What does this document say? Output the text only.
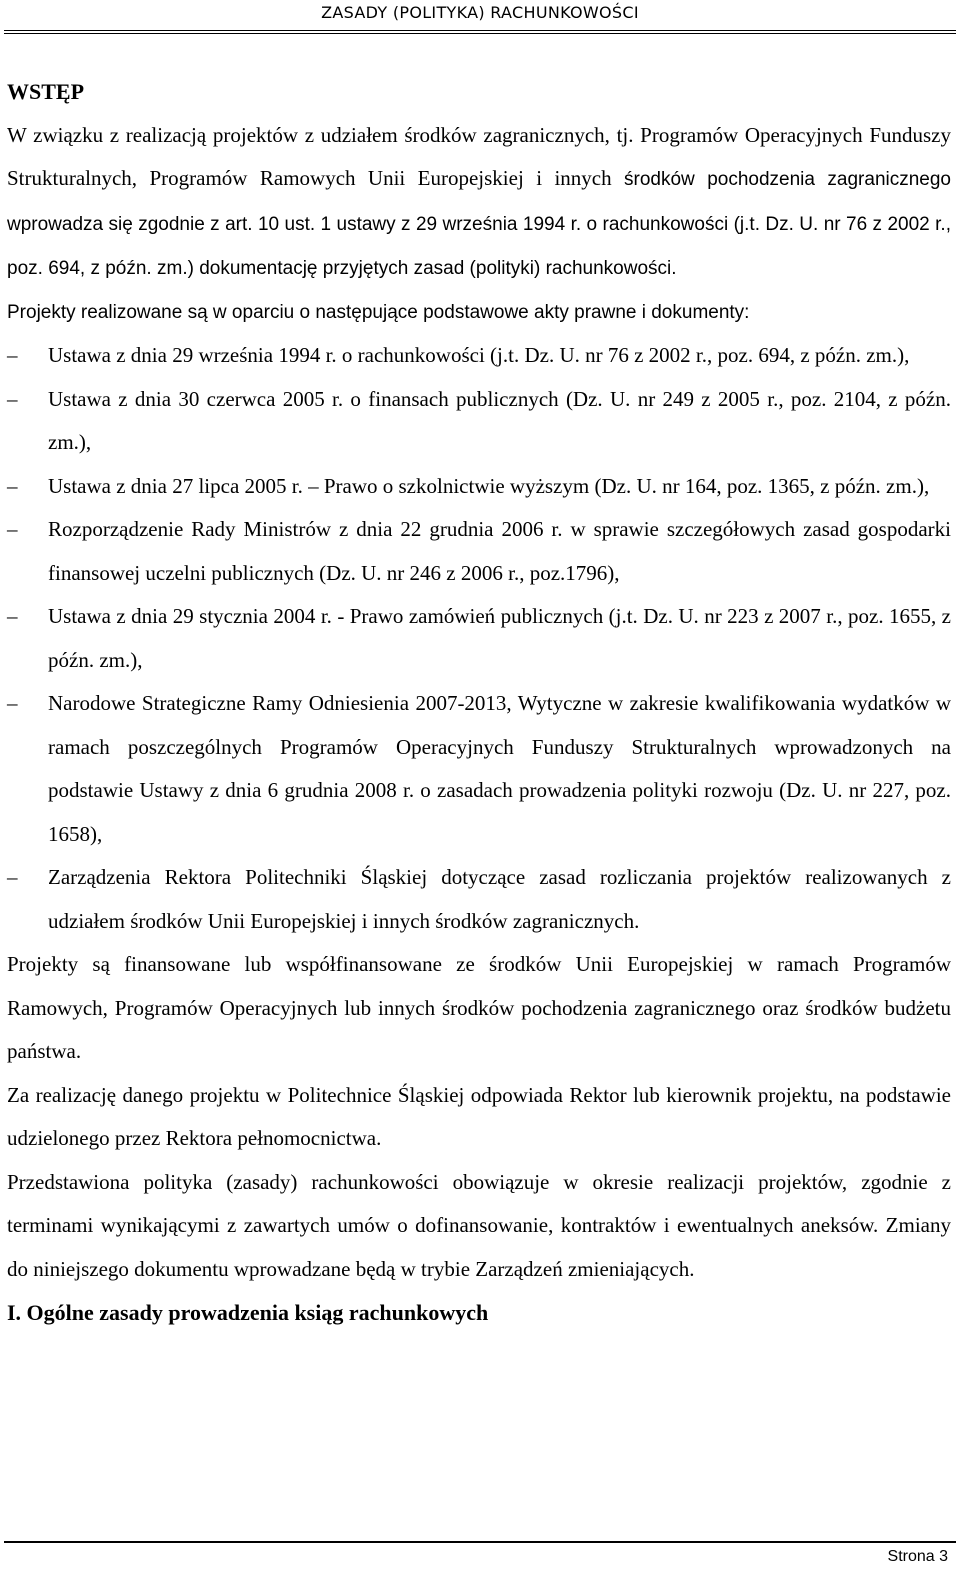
ZASADY (POLITYKA) RACHUNKOWOŚCI

WSTĘP

W związku z realizacją projektów z udziałem środków zagranicznych, tj. Programów Operacyjnych Funduszy Strukturalnych, Programów Ramowych Unii Europejskiej i innych środków pochodzenia zagranicznego wprowadza się zgodnie z art. 10 ust. 1 ustawy z 29 września 1994 r. o rachunkowości (j.t. Dz. U. nr 76 z 2002 r., poz. 694, z późn. zm.) dokumentację przyjętych zasad (polityki) rachunkowości.

Projekty realizowane są w oparciu o następujące podstawowe akty prawne i dokumenty:

–	Ustawa z dnia 29 września 1994 r. o rachunkowości (j.t. Dz. U. nr 76 z 2002 r., poz. 694, z późn. zm.),
–	Ustawa z dnia 30 czerwca 2005 r. o finansach publicznych (Dz. U. nr 249 z 2005 r., poz. 2104, z późn. zm.),
–	Ustawa z dnia 27 lipca 2005 r. – Prawo o szkolnictwie wyższym (Dz. U. nr 164, poz. 1365, z późn. zm.),
–	Rozporządzenie Rady Ministrów z dnia 22 grudnia 2006 r. w sprawie szczegółowych zasad gospodarki finansowej uczelni publicznych (Dz. U. nr 246 z 2006 r., poz.1796),
–	Ustawa z dnia 29 stycznia 2004 r. - Prawo zamówień publicznych (j.t. Dz. U. nr 223 z 2007 r., poz. 1655, z późn. zm.),
–	Narodowe Strategiczne Ramy Odniesienia 2007-2013, Wytyczne w zakresie kwalifikowania wydatków w ramach poszczególnych Programów Operacyjnych Funduszy Strukturalnych wprowadzonych na podstawie Ustawy z dnia 6 grudnia 2008 r. o zasadach prowadzenia polityki rozwoju (Dz. U. nr 227, poz. 1658),
–	Zarządzenia Rektora Politechniki Śląskiej dotyczące zasad rozliczania projektów realizowanych z udziałem środków Unii Europejskiej i innych środków zagranicznych.

Projekty są finansowane lub współfinansowane ze środków Unii Europejskiej w ramach Programów Ramowych, Programów Operacyjnych lub innych środków pochodzenia zagranicznego oraz środków budżetu państwa.

Za realizację danego projektu w Politechnice Śląskiej odpowiada Rektor lub kierownik projektu, na podstawie udzielonego przez Rektora pełnomocnictwa.

Przedstawiona polityka (zasady) rachunkowości obowiązuje w okresie realizacji projektów, zgodnie z terminami wynikającymi z zawartych umów o dofinansowanie, kontraktów i ewentualnych aneksów. Zmiany do niniejszego dokumentu wprowadzane będą w trybie Zarządzeń zmieniających.

I. Ogólne zasady prowadzenia ksiąg rachunkowych

Strona 3
